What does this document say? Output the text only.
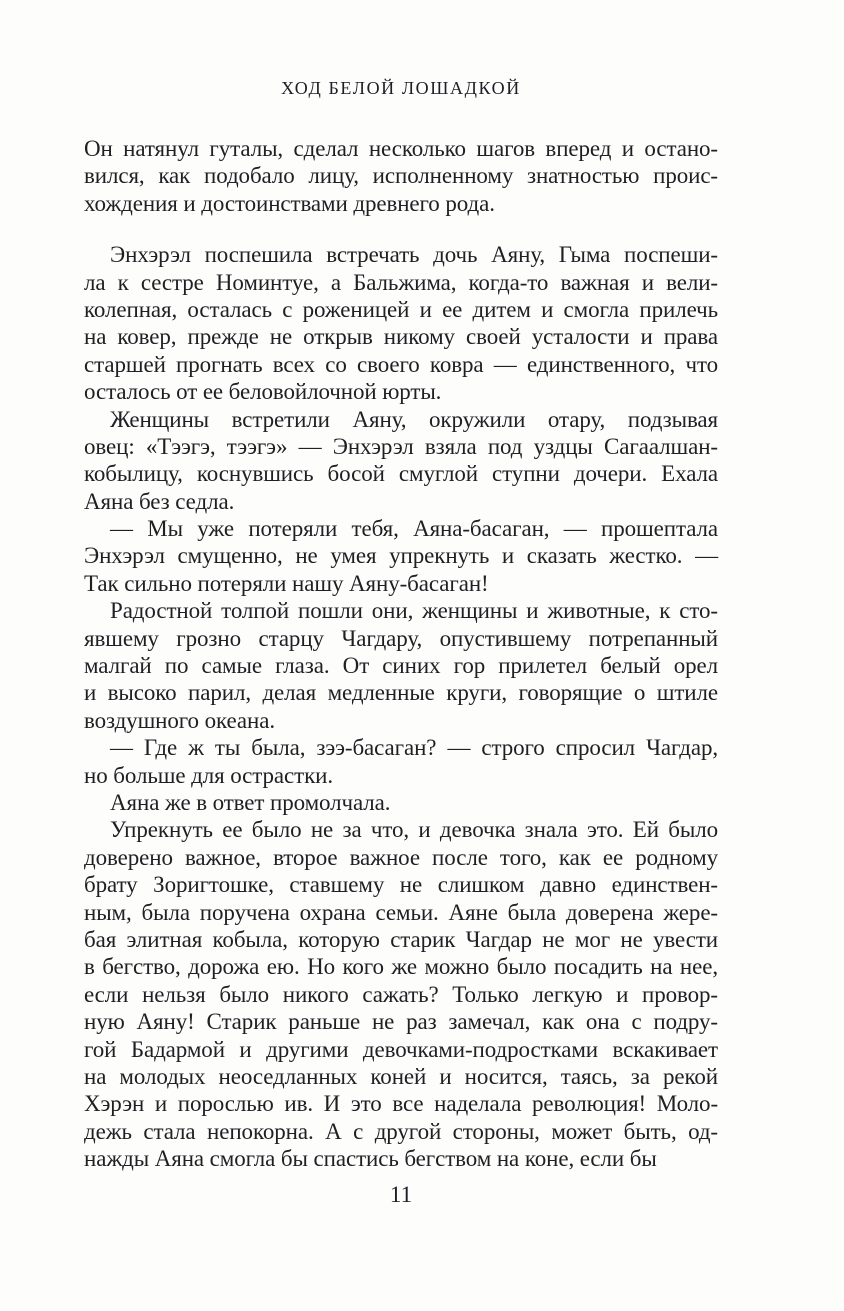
ХОД БЕЛОЙ ЛОШАДКОЙ
Он натянул гуталы, сделал несколько шагов вперед и остано-
вился, как подобало лицу, исполненному знатностью проис-
хождения и достоинствами древнего рода.
Энхэрэл поспешила встречать дочь Аяну, Гыма поспеши-
ла к сестре Номинтуе, а Бальжима, когда-то важная и вели-
колепная, осталась с роженицей и ее дитем и смогла прилечь
на ковер, прежде не открыв никому своей усталости и права
старшей прогнать всех со своего ковра — единственного, что
осталось от ее беловойлочной юрты.
Женщины встретили Аяну, окружили отару, подзывая
овец: «Тээгэ, тээгэ» — Энхэрэл взяла под уздцы Сагаалшан-
кобылицу, коснувшись босой смуглой ступни дочери. Ехала
Аяна без седла.
— Мы уже потеряли тебя, Аяна-басаган, — прошептала
Энхэрэл смущенно, не умея упрекнуть и сказать жестко. —
Так сильно потеряли нашу Аяну-басаган!
Радостной толпой пошли они, женщины и животные, к сто-
явшему грозно старцу Чагдару, опустившему потрепанный
малгай по самые глаза. От синих гор прилетел белый орел
и высоко парил, делая медленные круги, говорящие о штиле
воздушного океана.
— Где ж ты была, зээ-басаган? — строго спросил Чагдар,
но больше для острастки.
Аяна же в ответ промолчала.
Упрекнуть ее было не за что, и девочка знала это. Ей было
доверено важное, второе важное после того, как ее родному
брату Зоригтошке, ставшему не слишком давно единствен-
ным, была поручена охрана семьи. Аяне была доверена жере-
бая элитная кобыла, которую старик Чагдар не мог не увести
в бегство, дорожа ею. Но кого же можно было посадить на нее,
если нельзя было никого сажать? Только легкую и провор-
ную Аяну! Старик раньше не раз замечал, как она с подру-
гой Бадармой и другими девочками-подростками вскакивает
на молодых неоседланных коней и носится, таясь, за рекой
Хэрэн и порослью ив. И это все наделала революция! Моло-
дежь стала непокорна. А с другой стороны, может быть, од-
нажды Аяна смогла бы спастись бегством на коне, если бы
11
